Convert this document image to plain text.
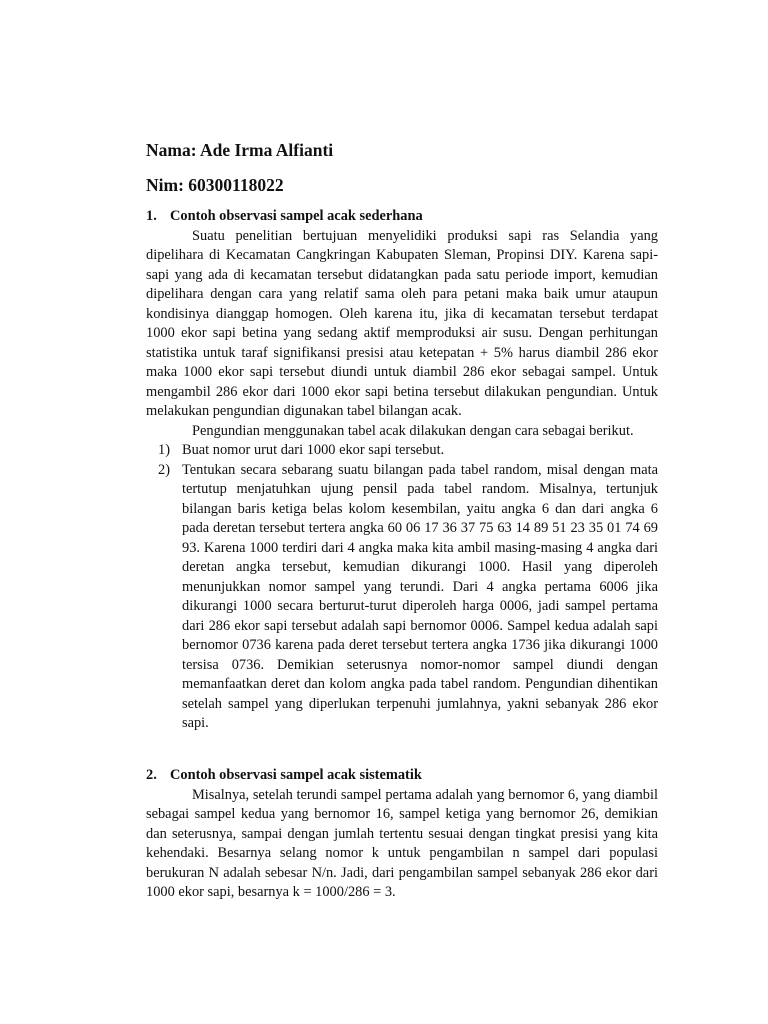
Nama: Ade Irma Alfianti
Nim: 60300118022
1. Contoh observasi sampel acak sederhana

Suatu penelitian bertujuan menyelidiki produksi sapi ras Selandia yang dipelihara di Kecamatan Cangkringan Kabupaten Sleman, Propinsi DIY. Karena sapi-sapi yang ada di kecamatan tersebut didatangkan pada satu periode import, kemudian dipelihara dengan cara yang relatif sama oleh para petani maka baik umur ataupun kondisinya dianggap homogen. Oleh karena itu, jika di kecamatan tersebut terdapat 1000 ekor sapi betina yang sedang aktif memproduksi air susu. Dengan perhitungan statistika untuk taraf signifikansi presisi atau ketepatan + 5% harus diambil 286 ekor maka 1000 ekor sapi tersebut diundi untuk diambil 286 ekor sebagai sampel. Untuk mengambil 286 ekor dari 1000 ekor sapi betina tersebut dilakukan pengundian. Untuk melakukan pengundian digunakan tabel bilangan acak.

Pengundian menggunakan tabel acak dilakukan dengan cara sebagai berikut.

1) Buat nomor urut dari 1000 ekor sapi tersebut.
2) Tentukan secara sebarang suatu bilangan pada tabel random, misal dengan mata tertutup menjatuhkan ujung pensil pada tabel random. Misalnya, tertunjuk bilangan baris ketiga belas kolom kesembilan, yaitu angka 6 dan dari angka 6 pada deretan tersebut tertera angka 60 06 17 36 37 75 63 14 89 51 23 35 01 74 69 93. Karena 1000 terdiri dari 4 angka maka kita ambil masing-masing 4 angka dari deretan angka tersebut, kemudian dikurangi 1000. Hasil yang diperoleh menunjukkan nomor sampel yang terundi. Dari 4 angka pertama 6006 jika dikurangi 1000 secara berturut-turut diperoleh harga 0006, jadi sampel pertama dari 286 ekor sapi tersebut adalah sapi bernomor 0006. Sampel kedua adalah sapi bernomor 0736 karena pada deret tersebut tertera angka 1736 jika dikurangi 1000 tersisa 0736. Demikian seterusnya nomor-nomor sampel diundi dengan memanfaatkan deret dan kolom angka pada tabel random. Pengundian dihentikan setelah sampel yang diperlukan terpenuhi jumlahnya, yakni sebanyak 286 ekor sapi.
2. Contoh observasi sampel acak sistematik

Misalnya, setelah terundi sampel pertama adalah yang bernomor 6, yang diambil sebagai sampel kedua yang bernomor 16, sampel ketiga yang bernomor 26, demikian dan seterusnya, sampai dengan jumlah tertentu sesuai dengan tingkat presisi yang kita kehendaki. Besarnya selang nomor k untuk pengambilan n sampel dari populasi berukuran N adalah sebesar N/n. Jadi, dari pengambilan sampel sebanyak 286 ekor dari 1000 ekor sapi, besarnya k = 1000/286 = 3.
